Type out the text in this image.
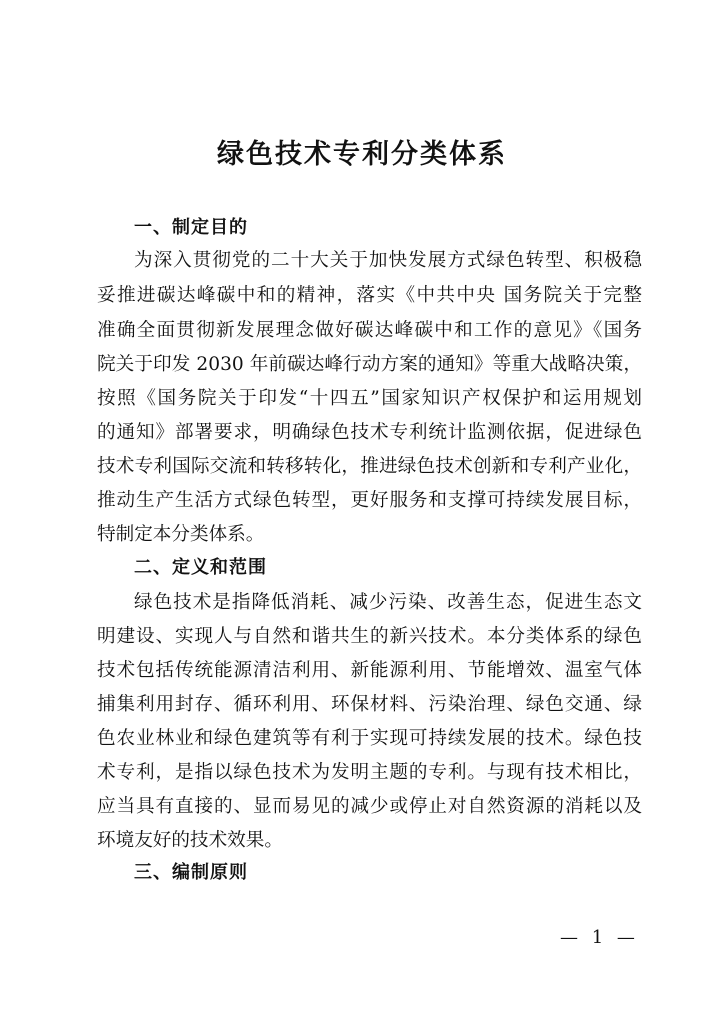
绿色技术专利分类体系
一、制定目的
为深入贯彻党的二十大关于加快发展方式绿色转型、积极稳
妥推进碳达峰碳中和的精神，落实《中共中央 国务院关于完整
准确全面贯彻新发展理念做好碳达峰碳中和工作的意见》《国务
院关于印发 2030 年前碳达峰行动方案的通知》等重大战略决策，
按照《国务院关于印发“十四五”国家知识产权保护和运用规划
的通知》部署要求，明确绿色技术专利统计监测依据，促进绿色
技术专利国际交流和转移转化，推进绿色技术创新和专利产业化，
推动生产生活方式绿色转型，更好服务和支撑可持续发展目标，
特制定本分类体系。
二、定义和范围
绿色技术是指降低消耗、减少污染、改善生态，促进生态文
明建设、实现人与自然和谐共生的新兴技术。本分类体系的绿色
技术包括传统能源清洁利用、新能源利用、节能增效、温室气体
捕集利用封存、循环利用、环保材料、污染治理、绿色交通、绿
色农业林业和绿色建筑等有利于实现可持续发展的技术。绿色技
术专利，是指以绿色技术为发明主题的专利。与现有技术相比，
应当具有直接的、显而易见的减少或停止对自然资源的消耗以及
环境友好的技术效果。
三、编制原则
— 1 —
